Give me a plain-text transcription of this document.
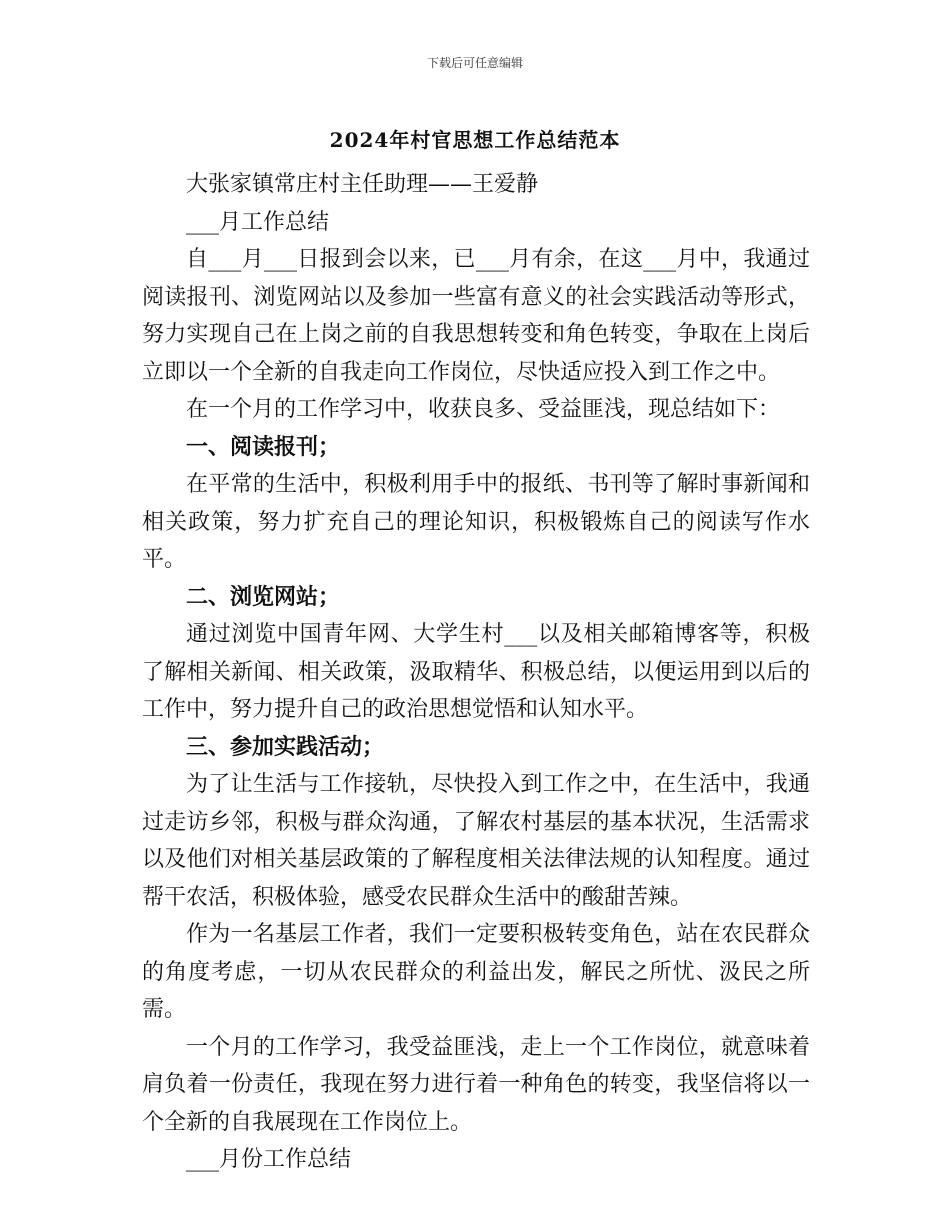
下载后可任意编辑
2024年村官思想工作总结范本

大张家镇常庄村主任助理——王爱静

___月工作总结

自___月___日报到会以来，已___月有余，在这___月中，我通过阅读报刊、浏览网站以及参加一些富有意义的社会实践活动等形式，努力实现自己在上岗之前的自我思想转变和角色转变，争取在上岗后立即以一个全新的自我走向工作岗位，尽快适应投入到工作之中。

在一个月的工作学习中，收获良多、受益匪浅，现总结如下：

一、阅读报刊；

在平常的生活中，积极利用手中的报纸、书刊等了解时事新闻和相关政策，努力扩充自己的理论知识，积极锻炼自己的阅读写作水平。

二、浏览网站；

通过浏览中国青年网、大学生村___以及相关邮箱博客等，积极了解相关新闻、相关政策，汲取精华、积极总结，以便运用到以后的工作中，努力提升自己的政治思想觉悟和认知水平。

三、参加实践活动；

为了让生活与工作接轨，尽快投入到工作之中，在生活中，我通过走访乡邻，积极与群众沟通，了解农村基层的基本状况，生活需求以及他们对相关基层政策的了解程度相关法律法规的认知程度。通过帮干农活，积极体验，感受农民群众生活中的酸甜苦辣。

作为一名基层工作者，我们一定要积极转变角色，站在农民群众的角度考虑，一切从农民群众的利益出发，解民之所忧、汲民之所需。

一个月的工作学习，我受益匪浅，走上一个工作岗位，就意味着肩负着一份责任，我现在努力进行着一种角色的转变，我坚信将以一个全新的自我展现在工作岗位上。

___月份工作总结
